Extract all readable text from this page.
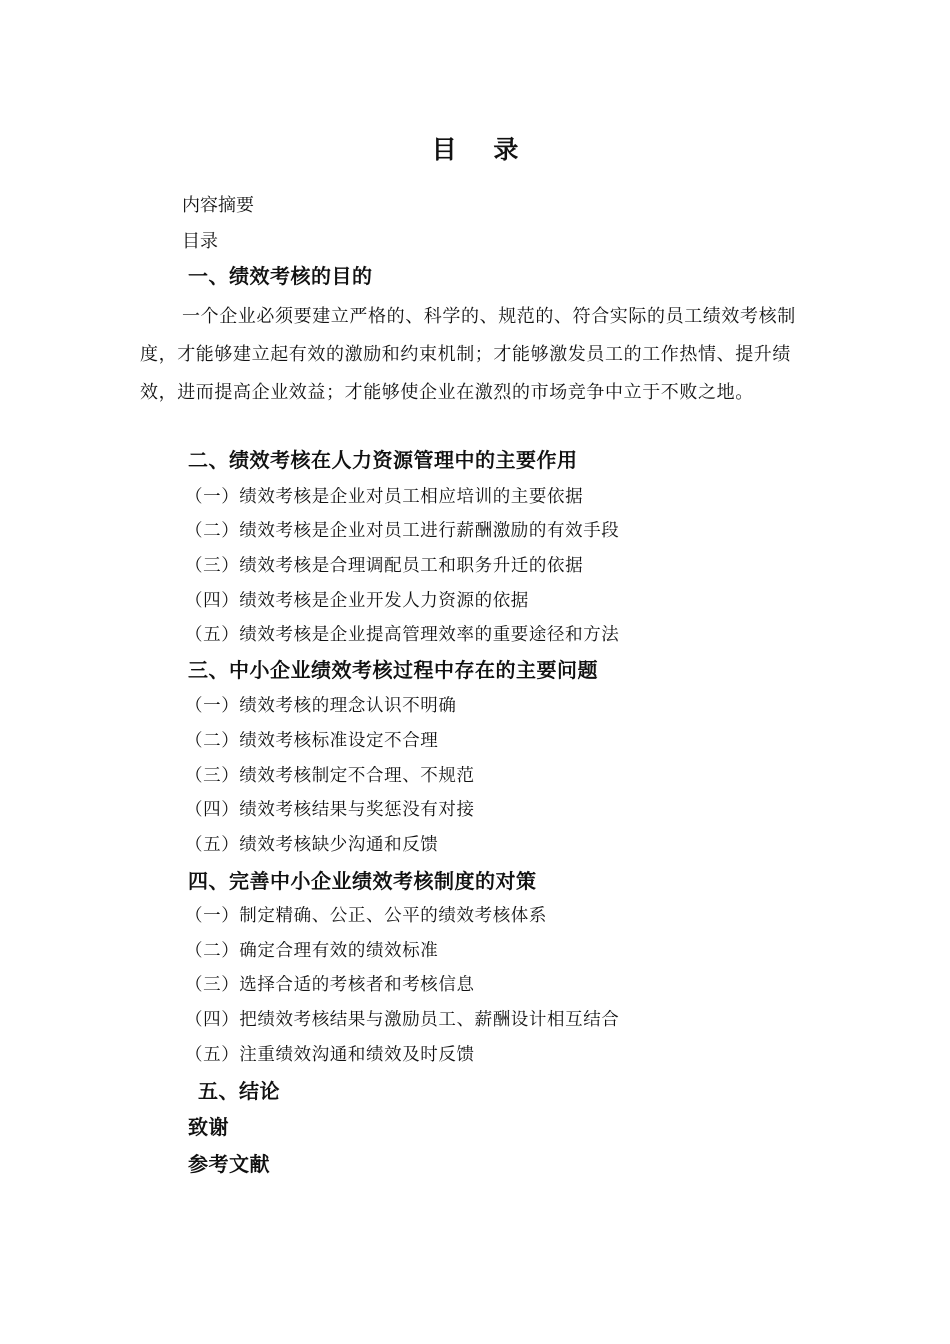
目 录
内容摘要
目录
一、绩效考核的目的
一个企业必须要建立严格的、科学的、规范的、符合实际的员工绩效考核制度，才能够建立起有效的激励和约束机制；才能够激发员工的工作热情、提升绩效，进而提高企业效益；才能够使企业在激烈的市场竞争中立于不败之地。
二、绩效考核在人力资源管理中的主要作用
（一）绩效考核是企业对员工相应培训的主要依据
（二）绩效考核是企业对员工进行薪酬激励的有效手段
（三）绩效考核是合理调配员工和职务升迁的依据
（四）绩效考核是企业开发人力资源的依据
（五）绩效考核是企业提高管理效率的重要途径和方法
三、中小企业绩效考核过程中存在的主要问题
（一）绩效考核的理念认识不明确
（二）绩效考核标准设定不合理
（三）绩效考核制定不合理、不规范
（四）绩效考核结果与奖惩没有对接
（五）绩效考核缺少沟通和反馈
四、完善中小企业绩效考核制度的对策
（一）制定精确、公正、公平的绩效考核体系
（二）确定合理有效的绩效标准
（三）选择合适的考核者和考核信息
（四）把绩效考核结果与激励员工、薪酬设计相互结合
（五）注重绩效沟通和绩效及时反馈
五、结论
致谢
参考文献
